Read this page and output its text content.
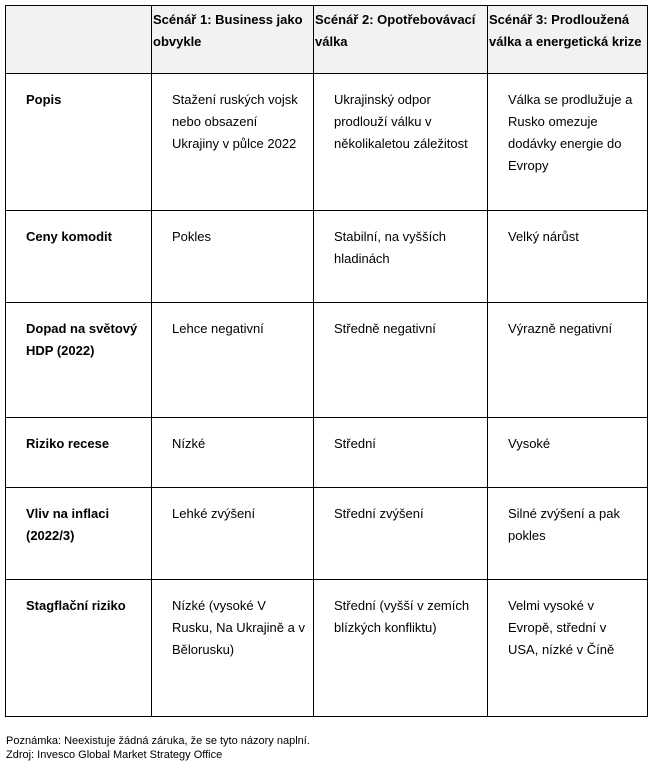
	Scénář 1: Business jako obvykle	Scénář 2: Opotřebovávací válka	Scénář 3: Prodloužená válka a energetická krize
Popis	Stažení ruských vojsk nebo obsazení Ukrajiny v půlce 2022	Ukrajinský odpor prodlouží válku v několikaletou záležitost	Válka se prodlužuje a Rusko omezuje dodávky energie do Evropy
Ceny komodit	Pokles	Stabilní, na vyšších hladinách	Velký nárůst
Dopad na světový HDP (2022)	Lehce negativní	Středně negativní	Výrazně negativní
Riziko recese	Nízké	Střední	Vysoké
Vliv na inflaci (2022/3)	Lehké zvýšení	Střední zvýšení	Silné zvýšení a pak pokles
Stagflační riziko	Nízké (vysoké V Rusku, Na Ukrajině a v Bělorusku)	Střední (vyšší v zemích blízkých konfliktu)	Velmi vysoké v Evropě, střední v USA, nízké v Číně
Poznámka: Neexistuje žádná záruka, že se tyto názory naplní.
Zdroj: Invesco Global Market Strategy Office
